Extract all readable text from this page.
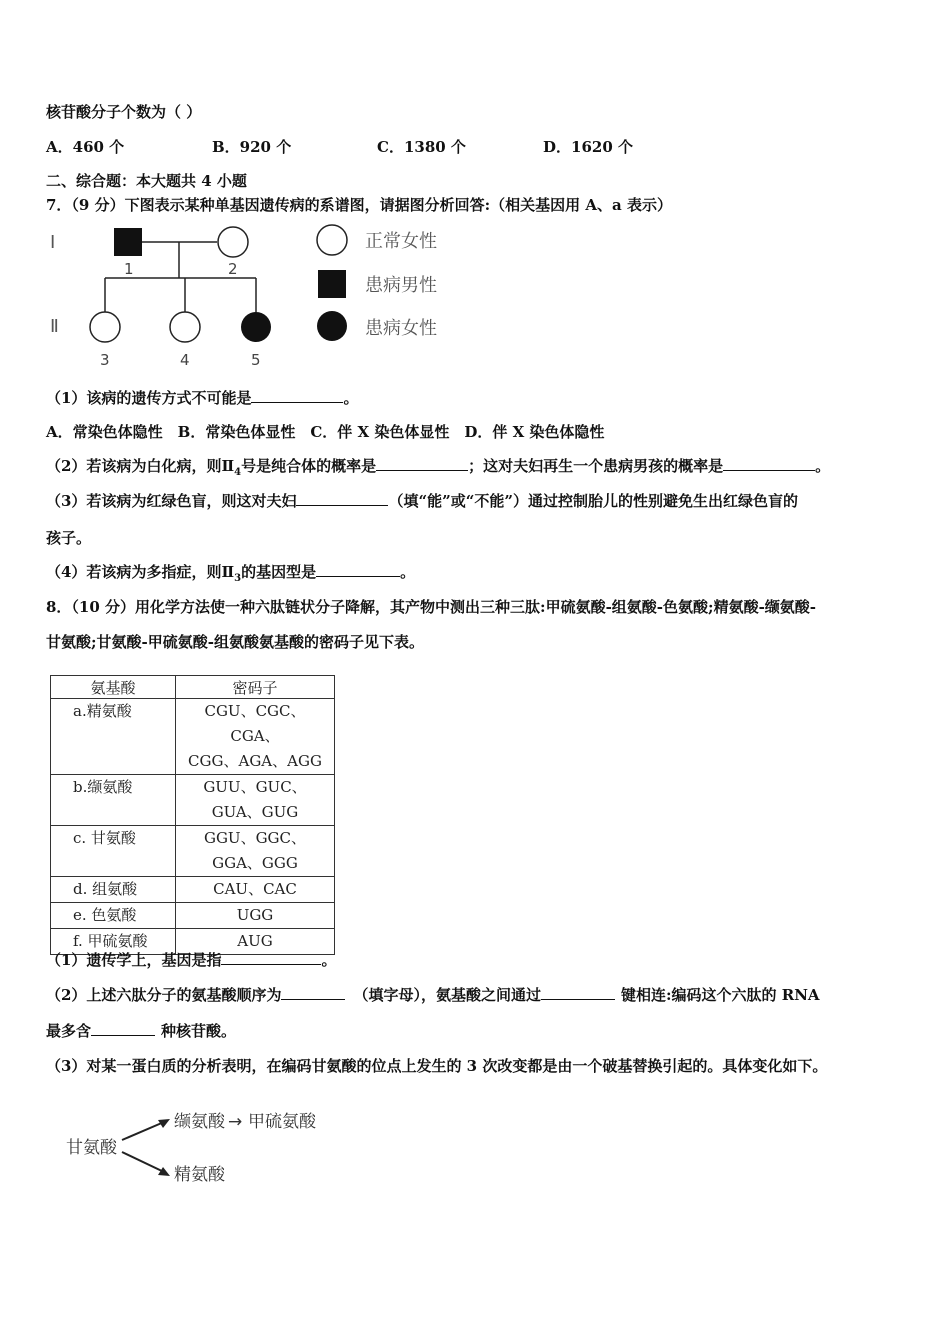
核苷酸分子个数为（ ）
A．460 个	B．920 个	C．1380 个	D．1620 个
二、综合题：本大题共 4 小题
7．（9 分）下图表示某种单基因遗传病的系谱图，请据图分析回答:（相关基因用 A、a 表示）
Ⅰ
Ⅱ
1	2
3	4	5
正常女性
患病男性
患病女性
（1）该病的遗传方式不可能是	。
A．常染色体隐性　B．常染色体显性　C．伴 X 染色体显性　D．伴 X 染色体隐性
（2）若该病为白化病，则$Ⅱ_4$号是纯合体的概率是	；这对夫妇再生一个患病男孩的概率是	。
（3）若该病为红绿色盲，则这对夫妇	（填“能”或“不能”）通过控制胎儿的性别避免生出红绿色盲的
孩子。
（4）若该病为多指症，则$Ⅱ_3$的基因型是	。
8．（10 分）用化学方法使一种六肽链状分子降解，其产物中测出三种三肽:甲硫氨酸-组氨酸-色氨酸;精氨酸-缬氨酸-
甘氨酸;甘氨酸-甲硫氨酸-组氨酸氨基酸的密码子见下表。
氨基酸	密码子
a.精氨酸	CGU、CGC、CGA、
CGG、AGA、AGG

b.缬氨酸	GUU、GUC、
GUA、GUG

c. 甘氨酸	GGU、GGC、
GGA、GGG

d. 组氨酸	CAU、CAC
e. 色氨酸	UGG
f. 甲硫氨酸	AUG
（1）遗传学上，基因是指	。
（2）上述六肽分子的氨基酸顺序为	（填字母），氨基酸之间通过	键相连:编码这个六肽的 RNA
最多含	种核苷酸。
（3）对某一蛋白质的分析表明，在编码甘氨酸的位点上发生的 3 次改变都是由一个破基替换引起的。具体变化如下。
甘氨酸
缬氨酸 → 甲硫氨酸
精氨酸
